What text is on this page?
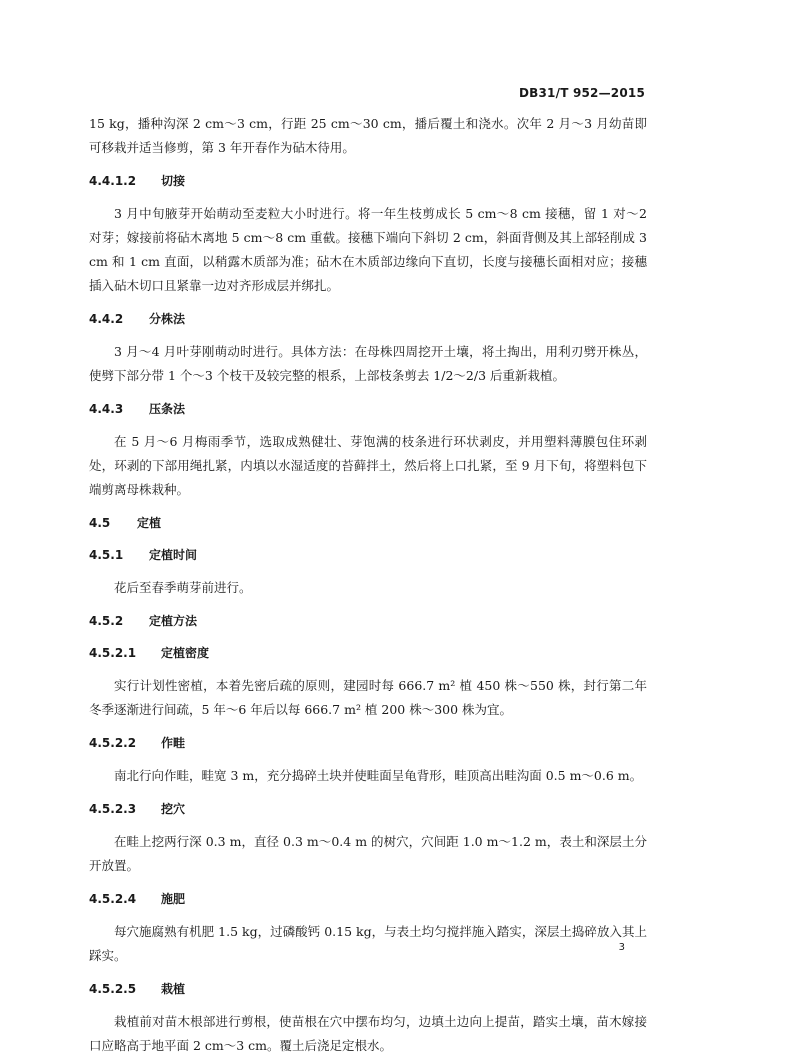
DB31/T 952—2015

15 kg，播种沟深 2 cm～3 cm，行距 25 cm～30 cm，播后覆土和浇水。次年 2 月～3 月幼苗即可移栽并适当修剪，第 3 年开春作为砧木待用。

4.4.1.2 切接

3 月中旬腋芽开始萌动至麦粒大小时进行。将一年生枝剪成长 5 cm～8 cm 接穗，留 1 对～2 对芽；嫁接前将砧木离地 5 cm～8 cm 重截。接穗下端向下斜切 2 cm，斜面背侧及其上部轻削成 3 cm 和 1 cm 直面，以稍露木质部为准；砧木在木质部边缘向下直切，长度与接穗长面相对应；接穗插入砧木切口且紧靠一边对齐形成层并绑扎。

4.4.2 分株法

3 月～4 月叶芽刚萌动时进行。具体方法：在母株四周挖开土壤，将土掏出，用利刃劈开株丛，使劈下部分带 1 个～3 个枝干及较完整的根系，上部枝条剪去 1/2～2/3 后重新栽植。

4.4.3 压条法

在 5 月～6 月梅雨季节，选取成熟健壮、芽饱满的枝条进行环状剥皮，并用塑料薄膜包住环剥处，环剥的下部用绳扎紧，内填以水湿适度的苔藓拌土，然后将上口扎紧，至 9 月下旬，将塑料包下端剪离母株栽种。

4.5 定植
4.5.1 定植时间

花后至春季萌芽前进行。

4.5.2 定植方法
4.5.2.1 定植密度

实行计划性密植，本着先密后疏的原则，建园时每 666.7 m² 植 450 株～550 株，封行第二年冬季逐渐进行间疏，5 年～6 年后以每 666.7 m² 植 200 株～300 株为宜。

4.5.2.2 作畦

南北行向作畦，畦宽 3 m，充分捣碎土块并使畦面呈龟背形，畦顶高出畦沟面 0.5 m～0.6 m。

4.5.2.3 挖穴

在畦上挖两行深 0.3 m，直径 0.3 m～0.4 m 的树穴，穴间距 1.0 m～1.2 m，表土和深层土分开放置。

4.5.2.4 施肥

每穴施腐熟有机肥 1.5 kg，过磷酸钙 0.15 kg，与表土均匀搅拌施入踏实，深层土捣碎放入其上踩实。

4.5.2.5 栽植

栽植前对苗木根部进行剪根，使苗根在穴中摆布均匀，边填土边向上提苗，踏实土壤，苗木嫁接口应略高于地平面 2 cm～3 cm。覆土后浇足定根水。

3
